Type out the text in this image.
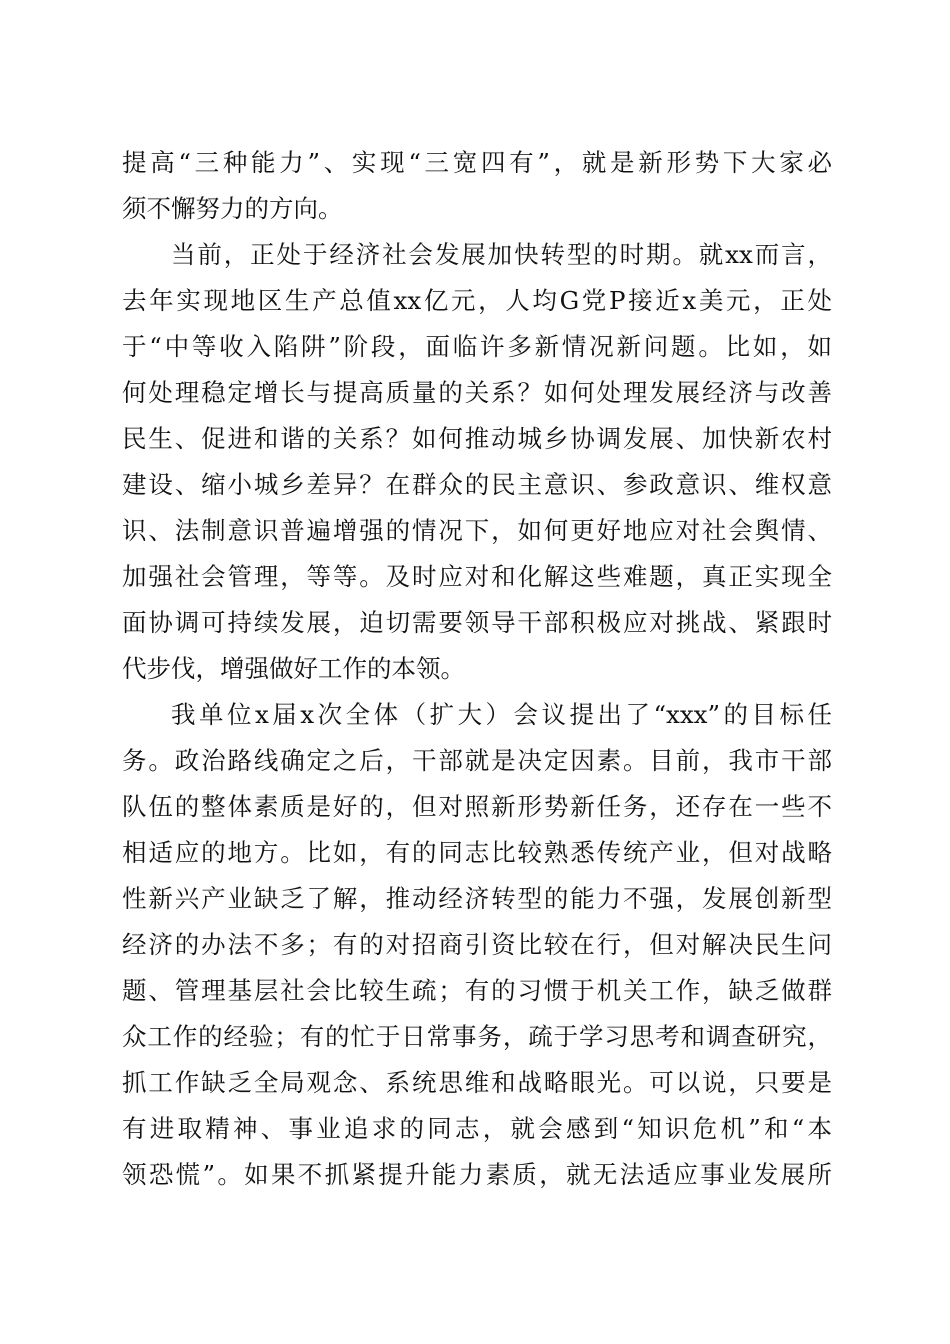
提高“三种能力”、实现“三宽四有”，就是新形势下大家必
须不懈努力的方向。
当前，正处于经济社会发展加快转型的时期。就xx而言，
去年实现地区生产总值xx亿元，人均G党P接近x美元，正处
于“中等收入陷阱”阶段，面临许多新情况新问题。比如，如
何处理稳定增长与提高质量的关系？如何处理发展经济与改善
民生、促进和谐的关系？如何推动城乡协调发展、加快新农村
建设、缩小城乡差异？在群众的民主意识、参政意识、维权意
识、法制意识普遍增强的情况下，如何更好地应对社会舆情、
加强社会管理，等等。及时应对和化解这些难题，真正实现全
面协调可持续发展，迫切需要领导干部积极应对挑战、紧跟时
代步伐，增强做好工作的本领。
我单位x届x次全体（扩大）会议提出了“xxx”的目标任
务。政治路线确定之后，干部就是决定因素。目前，我市干部
队伍的整体素质是好的，但对照新形势新任务，还存在一些不
相适应的地方。比如，有的同志比较熟悉传统产业，但对战略
性新兴产业缺乏了解，推动经济转型的能力不强，发展创新型
经济的办法不多；有的对招商引资比较在行，但对解决民生问
题、管理基层社会比较生疏；有的习惯于机关工作，缺乏做群
众工作的经验；有的忙于日常事务，疏于学习思考和调查研究，
抓工作缺乏全局观念、系统思维和战略眼光。可以说，只要是
有进取精神、事业追求的同志，就会感到“知识危机”和“本
领恐慌”。如果不抓紧提升能力素质，就无法适应事业发展所
